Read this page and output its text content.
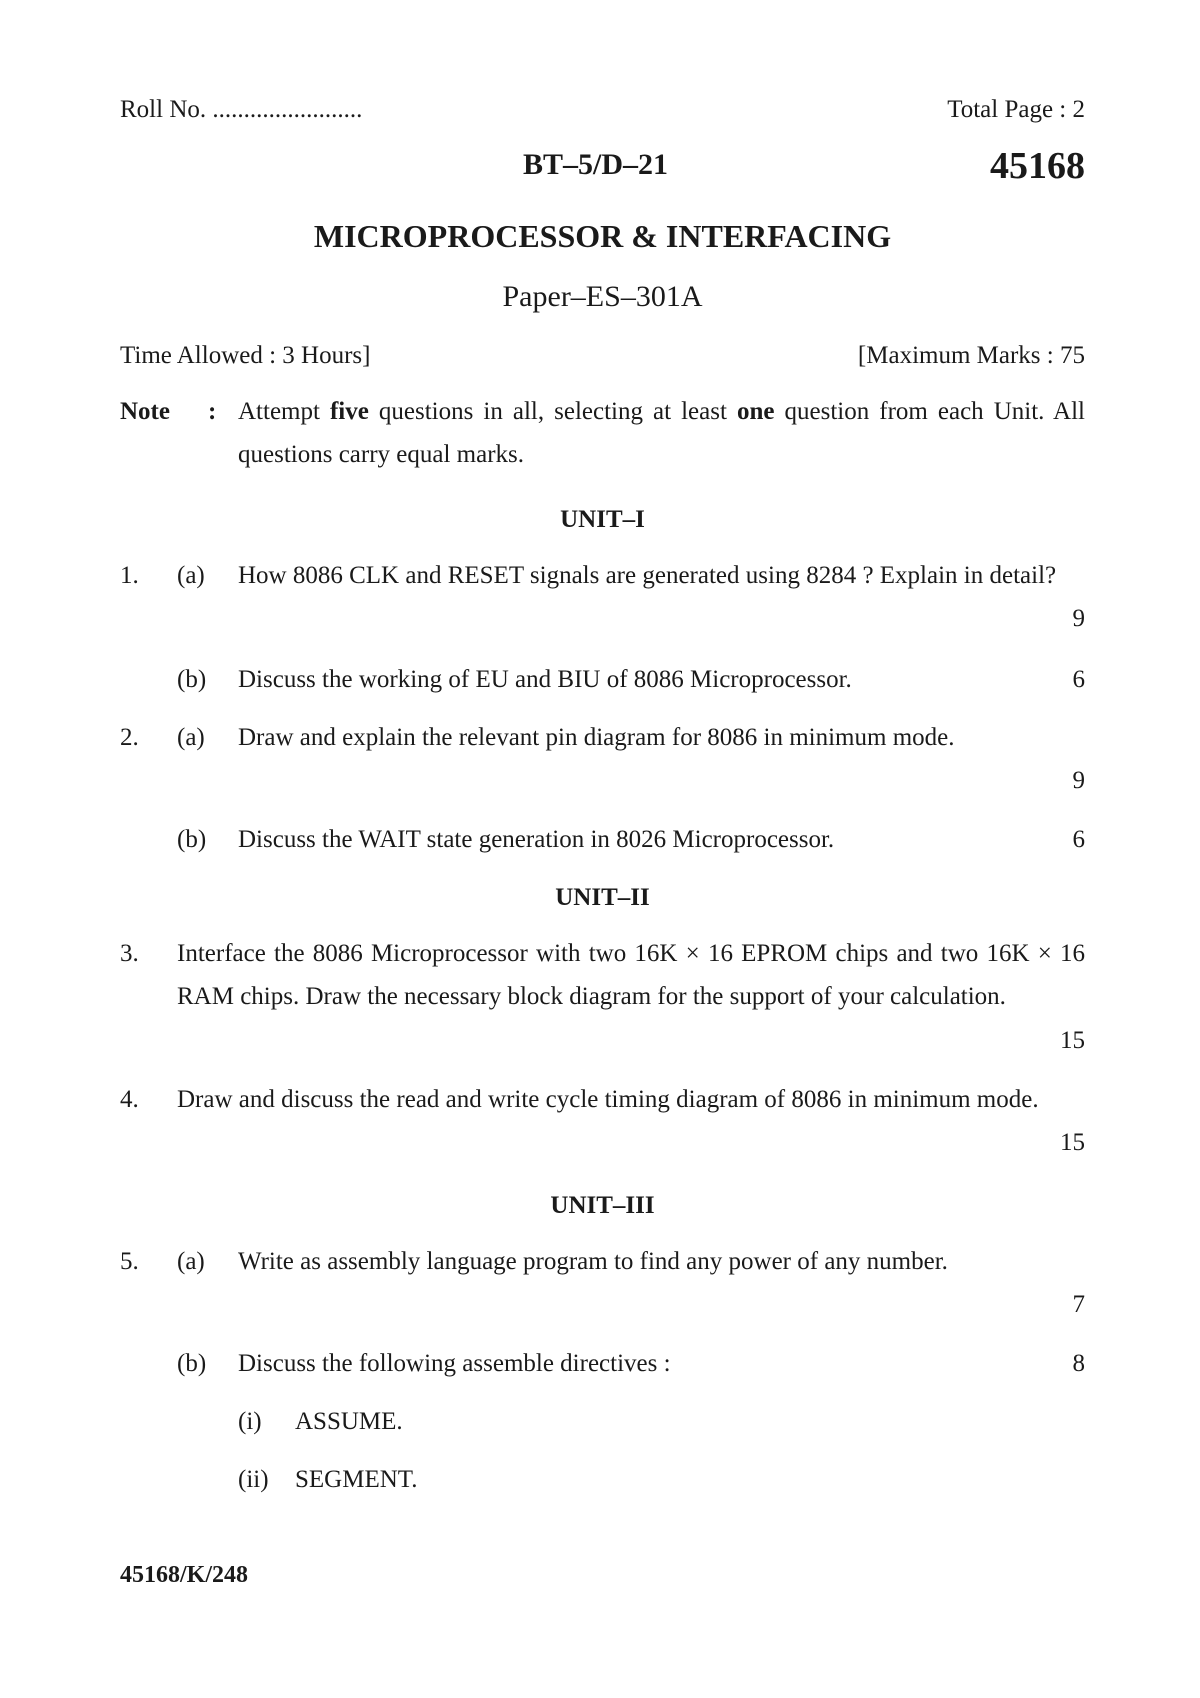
Roll No. ........................	Total Page : 2
BT–5/D–21	45168
MICROPROCESSOR & INTERFACING
Paper–ES–301A
Time Allowed : 3 Hours]	[Maximum Marks : 75
Note : Attempt five questions in all, selecting at least one question from each Unit. All questions carry equal marks.
UNIT–I
1. (a) How 8086 CLK and RESET signals are generated using 8284 ? Explain in detail?
9
(b) Discuss the working of EU and BIU of 8086 Microprocessor.	6
2. (a) Draw and explain the relevant pin diagram for 8086 in minimum mode.
9
(b) Discuss the WAIT state generation in 8026 Microprocessor.	6
UNIT–II
3. Interface the 8086 Microprocessor with two 16K × 16 EPROM chips and two 16K × 16 RAM chips. Draw the necessary block diagram for the support of your calculation.
15
4. Draw and discuss the read and write cycle timing diagram of 8086 in minimum mode.
15
UNIT–III
5. (a) Write as assembly language program to find any power of any number.
7
(b) Discuss the following assemble directives :	8
(i) ASSUME.
(ii) SEGMENT.
45168/K/248
